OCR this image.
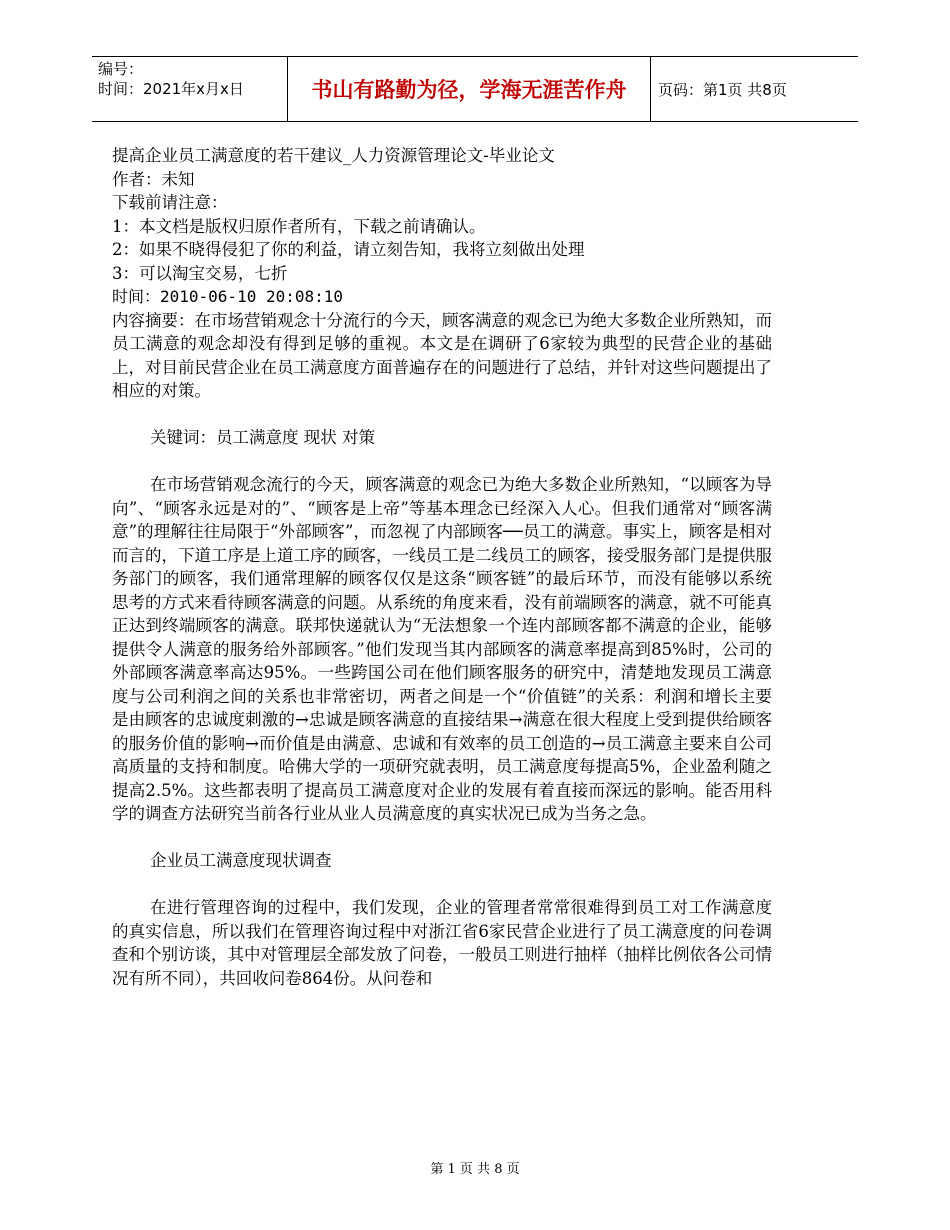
编号：
时间：2021年x月x日	书山有路勤为径，学海无涯苦作舟	页码：第1页 共8页

提高企业员工满意度的若干建议_人力资源管理论文-毕业论文

作者：未知

下载前请注意：

1：本文档是版权归原作者所有，下载之前请确认。

2：如果不晓得侵犯了你的利益，请立刻告知，我将立刻做出处理

3：可以淘宝交易，七折

时间：2010-06-10 20:08:10

内容摘要：在市场营销观念十分流行的今天，顾客满意的观念已为绝大多数企业所熟知，而员工满意的观念却没有得到足够的重视。本文是在调研了6家较为典型的民营企业的基础上，对目前民营企业在员工满意度方面普遍存在的问题进行了总结，并针对这些问题提出了相应的对策。

关键词：员工满意度 现状 对策

在市场营销观念流行的今天，顾客满意的观念已为绝大多数企业所熟知，“以顾客为导向”、“顾客永远是对的”、“顾客是上帝”等基本理念已经深入人心。但我们通常对“顾客满意”的理解往往局限于“外部顾客”，而忽视了内部顾客──员工的满意。事实上，顾客是相对而言的，下道工序是上道工序的顾客，一线员工是二线员工的顾客，接受服务部门是提供服务部门的顾客，我们通常理解的顾客仅仅是这条“顾客链”的最后环节，而没有能够以系统思考的方式来看待顾客满意的问题。从系统的角度来看，没有前端顾客的满意，就不可能真正达到终端顾客的满意。联邦快递就认为“无法想象一个连内部顾客都不满意的企业，能够提供令人满意的服务给外部顾客。”他们发现当其内部顾客的满意率提高到85%时，公司的外部顾客满意率高达95%。一些跨国公司在他们顾客服务的研究中，清楚地发现员工满意度与公司利润之间的关系也非常密切，两者之间是一个“价值链”的关系：利润和增长主要是由顾客的忠诚度刺激的→忠诚是顾客满意的直接结果→满意在很大程度上受到提供给顾客的服务价值的影响→而价值是由满意、忠诚和有效率的员工创造的→员工满意主要来自公司高质量的支持和制度。哈佛大学的一项研究就表明，员工满意度每提高5%，企业盈利随之提高2.5%。这些都表明了提高员工满意度对企业的发展有着直接而深远的影响。能否用科学的调查方法研究当前各行业从业人员满意度的真实状况已成为当务之急。

企业员工满意度现状调查

在进行管理咨询的过程中，我们发现，企业的管理者常常很难得到员工对工作满意度的真实信息，所以我们在管理咨询过程中对浙江省6家民营企业进行了员工满意度的问卷调查和个别访谈，其中对管理层全部发放了问卷，一般员工则进行抽样（抽样比例依各公司情况有所不同），共回收问卷864份。从问卷和

第 1 页 共 8 页
